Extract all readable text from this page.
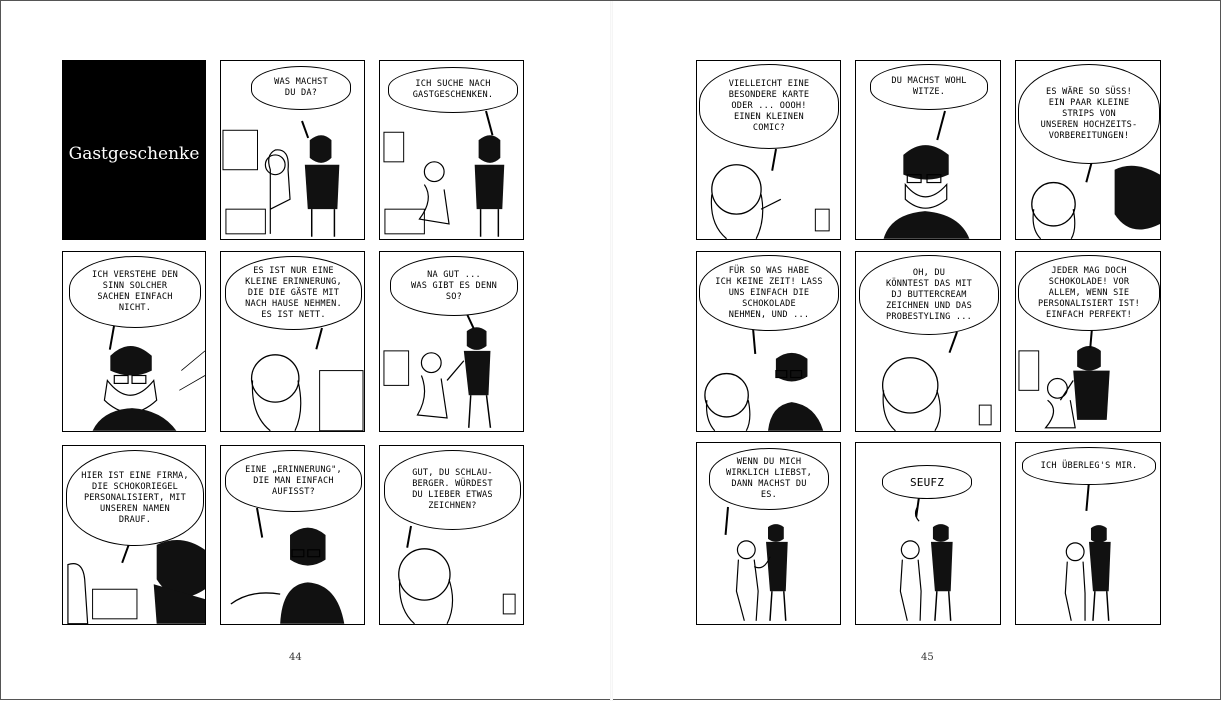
Gastgeschenke
WAS MACHST
DU DA?
ICH SUCHE NACH
GASTGESCHENKEN.
ICH VERSTEHE DEN
SINN SOLCHER
SACHEN EINFACH
NICHT.
ES IST NUR EINE
KLEINE ERINNERUNG,
DIE DIE GÄSTE MIT
NACH HAUSE NEHMEN.
ES IST NETT.
NA GUT ...
WAS GIBT ES DENN
SO?
HIER IST EINE FIRMA,
DIE SCHOKORIEGEL
PERSONALISIERT, MIT
UNSEREN NAMEN
DRAUF.
EINE „ERINNERUNG",
DIE MAN EINFACH
AUFISST?
GUT, DU SCHLAU-
BERGER. WÜRDEST
DU LIEBER ETWAS
ZEICHNEN?
44
VIELLEICHT EINE
BESONDERE KARTE
ODER ... OOOH!
EINEN KLEINEN
COMIC?
DU MACHST WOHL
WITZE.	ES WÄRE SO SÜSS!
EIN PAAR KLEINE
STRIPS VON
UNSEREN HOCHZEITS-
VORBEREITUNGEN!
FÜR SO WAS HABE
ICH KEINE ZEIT! LASS
UNS EINFACH DIE
SCHOKOLADE
NEHMEN, UND ...
OH, DU
KÖNNTEST DAS MIT
DJ BUTTERCREAM
ZEICHNEN UND DAS
PROBESTYLING ...
JEDER MAG DOCH
SCHOKOLADE! VOR
ALLEM, WENN SIE
PERSONALISIERT IST!
EINFACH PERFEKT!
WENN DU MICH
WIRKLICH LIEBST,
DANN MACHST DU
ES.
SEUFZ
ICH ÜBERLEG'S MIR.
45
